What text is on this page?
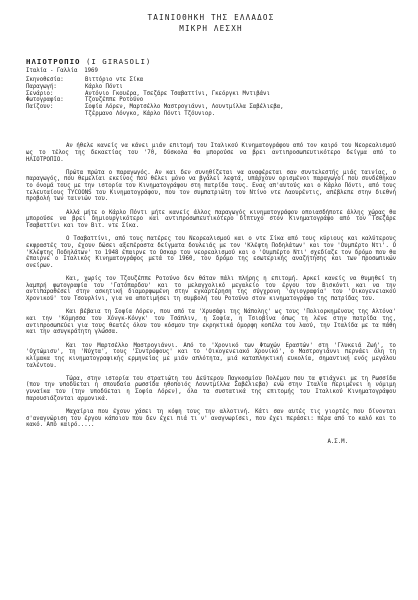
ΤΑΙΝΙΟΘΗΚΗ ΤΗΣ ΕΛΛΑΔΟΣ
ΜΙΚΡΗ ΛΕΣΧΗ
ΗΛΙΟΤΡΟΠΙΟ (I GIRASOLI)
Ιταλία - Γαλλία  1969
Σκηνοθεσία:	Βιττόριο ντε Σίκα
Παραγωγή:	Κάρλο Πόντι
Σενάριο:	Αντόνιο Γκουέρα, Τσεζάρε Τσαβαττίνι, Γκεόργκι Μντιβάνι
Φωτογραφία:	Τζουζέππε Ροτούνο
Παίζουν:	Σοφία Λόρεν, Μαρτσέλλο Μαστρογιάννι, Λουντμίλλα Σαβέλιεβα,
Τζέρμανο Λόνγκο, Κάρλο Πόντι Τζόυνιορ.

Αν ήθελε κανείς να κάνει μιάν επιτομή του Ιταλικού Κινηματογράφου από τον καιρό του Νεορεαλισμού ως το τέλος της δεκαετίας του '70, δύσκολα θα μπορούσε να βρει αντιπροσωπευτικότερο δείγμα από το ΗΛΙΟΤΡΟΠΙΟ.

Πρώτα πρώτα ο παραγωγός. Αν και δεν συνηθίζεται να αναφέρεται σαν συντελεστής μιάς ταινίας, ο παραγωγός, που θεμελίαι εκείνος που θέλει μόνο να βγάλει λεφτά, υπάρχουν ορισμένοι παραγωγοί που συνδέθηκαν το όνομά τους με την ιστορία του Κινηματογράφου στη πατρίδα τους. Ενας απ'αυτούς και ο Κάρλο Πόντι, από τους τελευταίους TYCOONS του Κινηματογράφου, που τον συμπατριώτη του Ντίνο ντε Λαουρέντις, απέβλεπε στην διεθνή προβολή των ταινιών του.

Αλλά μήτε ο Κάρλο Πόντι μήτε κανείς άλλος παραγωγός κινηματογράφου οποιασδήποτε άλλης χώρας θα μπορούσε να βρει δημιουργικότερο και αντιπροσωπευτικότερο δίπτυχο στον Κινηματογράφο από τον Τσεζάρε Τσαβαττίνι και τον Βιτ. ντε Σίκα.

Ο Τσαβαττίνι, από τους πατέρες του Νεορεαλισμού και ο ντε Σίκα από τους κύριους και καλύτερους εκφραστές του, έχουν δώσει αξεπέραστα δείγματα δουλειάς με τον 'Κλέφτη Ποδηλάτων' και τον 'Ουμπέρτο Ντι'. Ο 'Κλέφτης Ποδηλάτων' το 1948 έπαιρνε το Οσκαρ του νεορεαλισμού και ο 'Ουμπέρτο Ντι' σχεδίαζε τον δρόμο που θα έπαιρνε ο Ιταλικός Κινηματογράφος μετά το 1960, τον δρόμο της εσωτερικής αναζήτησης και των προσωπικών ονείρων.

Και, χωρίς τον Τζουζέππε Ροτούνο δεν θάταν πάλι πλήρης η επιτομή. Αρκεί κανείς να θυμηθεί τη λαμπρή φωτογραφία του 'Γατόπαρδου' και το μελαγχολικό μεγαλείο του έργου του Βισκόντι και να την αντιπαραθέσει στην ασκητική διαμορφωμένη στην εγκαρτέρηση της σύγχρονη 'αγιογραφία' του 'Οικογενειακού Χρονικού' του Τσουρλίνι, για να αποτιμήσει τη συμβολή του Ροτούνο στον κινηματογράφο της πατρίδας του.

Και βέβαια τη Σοφία Λόρεν, που από τα 'Χρυσάφι της Νάπολης' ως τους 'Πολιορκημένους της Αλτόνα' και την 'Κόμησσα του Χόνγκ-Κόνγκ' του Τσάπλιν, η Σοφία, η Τσιοβίνα όπως τη λένε στην πατρίδα της, αντιπροσωπεύει για τους θεατές όλου του κόσμου την εκρηκτικά όμορφη κοπέλα του λαού, την Ιταλίδα με τα πάθη και την ασυγκράτητη γλώσσα.

Και τον Μαρτσέλλο Μαστρογιάννι. Από το 'Χρονικό των Φτωχών Εραστών' στη 'Γλυκειά Ζωή', το 'Οχτώμισυ', τη 'Νύχτα', τους 'Συντρόφους' και το 'Οικογενειακό Χρονικό', ο Μαστρογιάννι περνάει όλη τη κλίμακα της κινηματογραφικής ερμηνείας με μιάν απλότητα, μιά καταπληκτική ευκολία, σημαντική ενός μεγάλου ταλέντου.

Τώρα, στην ιστορία του στρατιώτη του Δεύτερου Παγκοσμίου Πολέμου που τα φτιάχνει με τη Ρωσσίδα (που την υποδύεται η σπουδαία ρωσσίδα ηθοποιός Λουντμίλλα Σαβέλιεβα) ενώ στην Ιταλία περιμένει η νόμιμη γυναίκα του (την υποδύεται η Σοφία Λόρεν), όλα τα συστατικά της επιτομής του Ιταλικού Κινηματογράφου παρουσιάζονται αρμονικά.

Μαχαίρια που έχουν χάσει τη κόψη τους την αλλοτινή. Κάτι σαν αυτές τις γιορτές που δίνονται σ'αναγνώριση του έργου κάποιου που δεν έχει πιά τι ν' αναγνωρίσει, που έχει περάσει: πέρα από το καλό και το κακό. Από καιρό.....

Α.Σ.Μ.
